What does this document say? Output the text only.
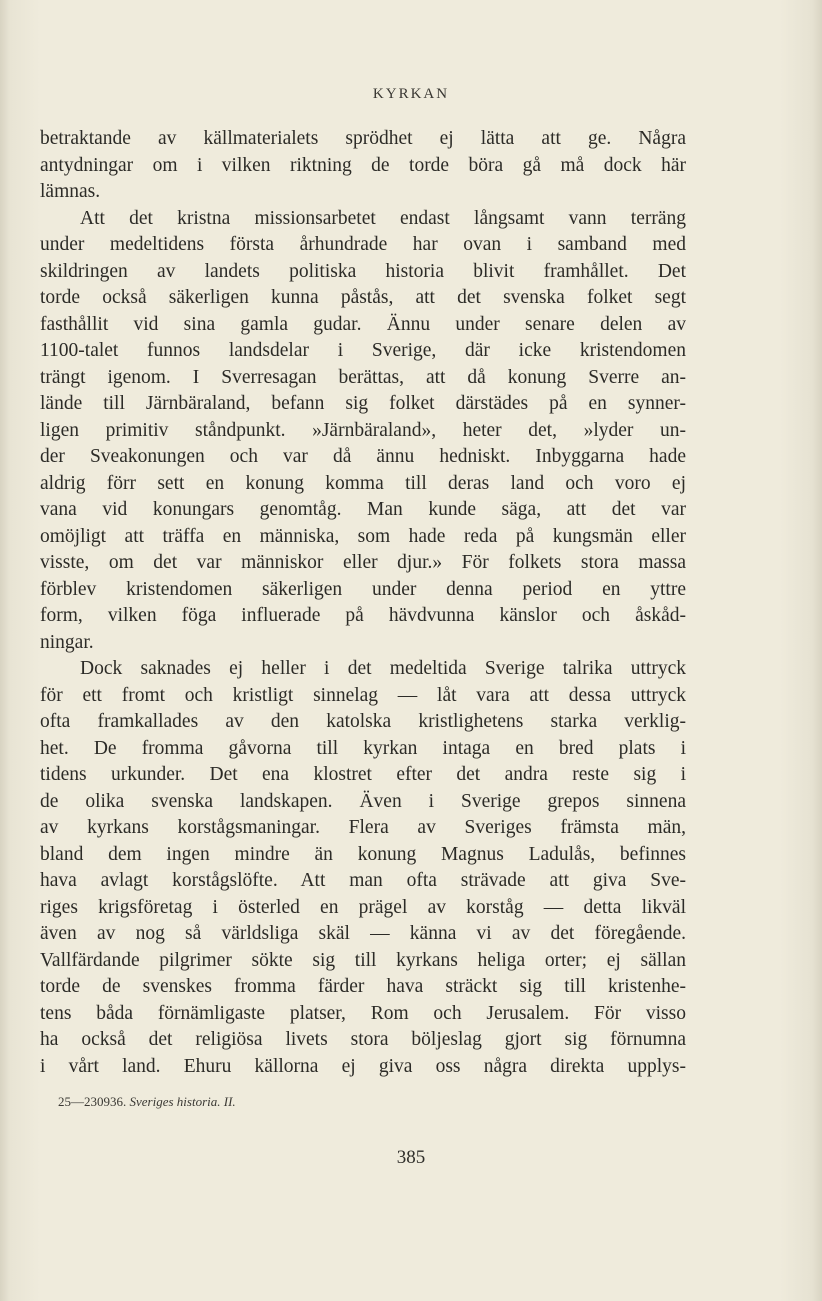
KYRKAN
betraktande av källmaterialets sprödhet ej lätta att ge. Några
antydningar om i vilken riktning de torde böra gå må dock här
lämnas.
Att det kristna missionsarbetet endast långsamt vann terräng
under medeltidens första århundrade har ovan i samband med
skildringen av landets politiska historia blivit framhållet. Det
torde också säkerligen kunna påstås, att det svenska folket segt
fasthållit vid sina gamla gudar. Ännu under senare delen av
1100-talet funnos landsdelar i Sverige, där icke kristendomen
trängt igenom. I Sverresagan berättas, att då konung Sverre an-
lände till Järnbäraland, befann sig folket därstädes på en synner-
ligen primitiv ståndpunkt. »Järnbäraland», heter det, »lyder un-
der Sveakonungen och var då ännu hedniskt. Inbyggarna hade
aldrig förr sett en konung komma till deras land och voro ej
vana vid konungars genomtåg. Man kunde säga, att det var
omöjligt att träffa en människa, som hade reda på kungsmän eller
visste, om det var människor eller djur.» För folkets stora massa
förblev kristendomen säkerligen under denna period en yttre
form, vilken föga influerade på hävdvunna känslor och åskåd-
ningar.
Dock saknades ej heller i det medeltida Sverige talrika uttryck
för ett fromt och kristligt sinnelag — låt vara att dessa uttryck
ofta framkallades av den katolska kristlighetens starka verklig-
het. De fromma gåvorna till kyrkan intaga en bred plats i
tidens urkunder. Det ena klostret efter det andra reste sig i
de olika svenska landskapen. Även i Sverige grepos sinnena
av kyrkans korstågsmaningar. Flera av Sveriges främsta män,
bland dem ingen mindre än konung Magnus Ladulås, befinnes
hava avlagt korstågslöfte. Att man ofta strävade att giva Sve-
riges krigsföretag i österled en prägel av korståg — detta likväl
även av nog så världsliga skäl — känna vi av det föregående.
Vallfärdande pilgrimer sökte sig till kyrkans heliga orter; ej sällan
torde de svenskes fromma färder hava sträckt sig till kristenhe-
tens båda förnämligaste platser, Rom och Jerusalem. För visso
ha också det religiösa livets stora böljeslag gjort sig förnumna
i vårt land. Ehuru källorna ej giva oss några direkta upplys-
25—230936. Sveriges historia. II.
385
